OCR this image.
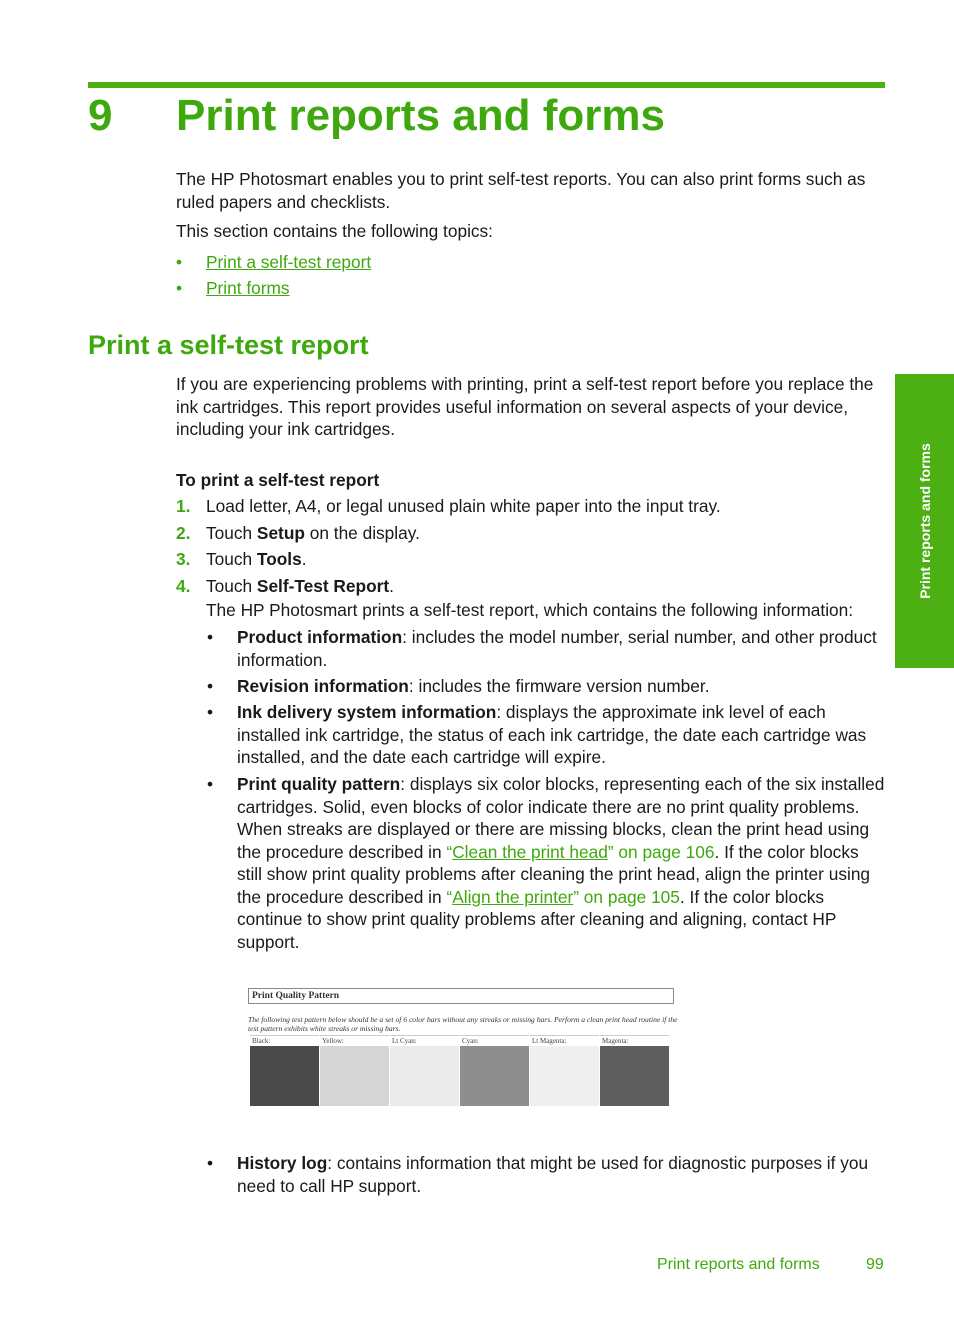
9 Print reports and forms
The HP Photosmart enables you to print self-test reports. You can also print forms such as ruled papers and checklists.
This section contains the following topics:
• Print a self-test report
• Print forms
Print a self-test report
If you are experiencing problems with printing, print a self-test report before you replace the ink cartridges. This report provides useful information on several aspects of your device, including your ink cartridges.
To print a self-test report
1. Load letter, A4, or legal unused plain white paper into the input tray.
2. Touch Setup on the display.
3. Touch Tools.
4. Touch Self-Test Report.
The HP Photosmart prints a self-test report, which contains the following information:
• Product information: includes the model number, serial number, and other product information.
• Revision information: includes the firmware version number.
• Ink delivery system information: displays the approximate ink level of each installed ink cartridge, the status of each ink cartridge, the date each cartridge was installed, and the date each cartridge will expire.
• Print quality pattern: displays six color blocks, representing each of the six installed cartridges. Solid, even blocks of color indicate there are no print quality problems. When streaks are displayed or there are missing blocks, clean the print head using the procedure described in “Clean the print head” on page 106. If the color blocks still show print quality problems after cleaning the print head, align the printer using the procedure described in “Align the printer” on page 105. If the color blocks continue to show print quality problems after cleaning and aligning, contact HP support.
Print Quality Pattern
The following test pattern below should be a set of 6 color bars without any streaks or missing bars. Perform a clean print head routine if the test pattern exhibits white streaks or missing bars.
Black:	Yellow:	Lt Cyan:	Cyan:	Lt Magenta:	Magenta:
• History log: contains information that might be used for diagnostic purposes if you need to call HP support.
Print reports and forms
Print reports and forms	99
